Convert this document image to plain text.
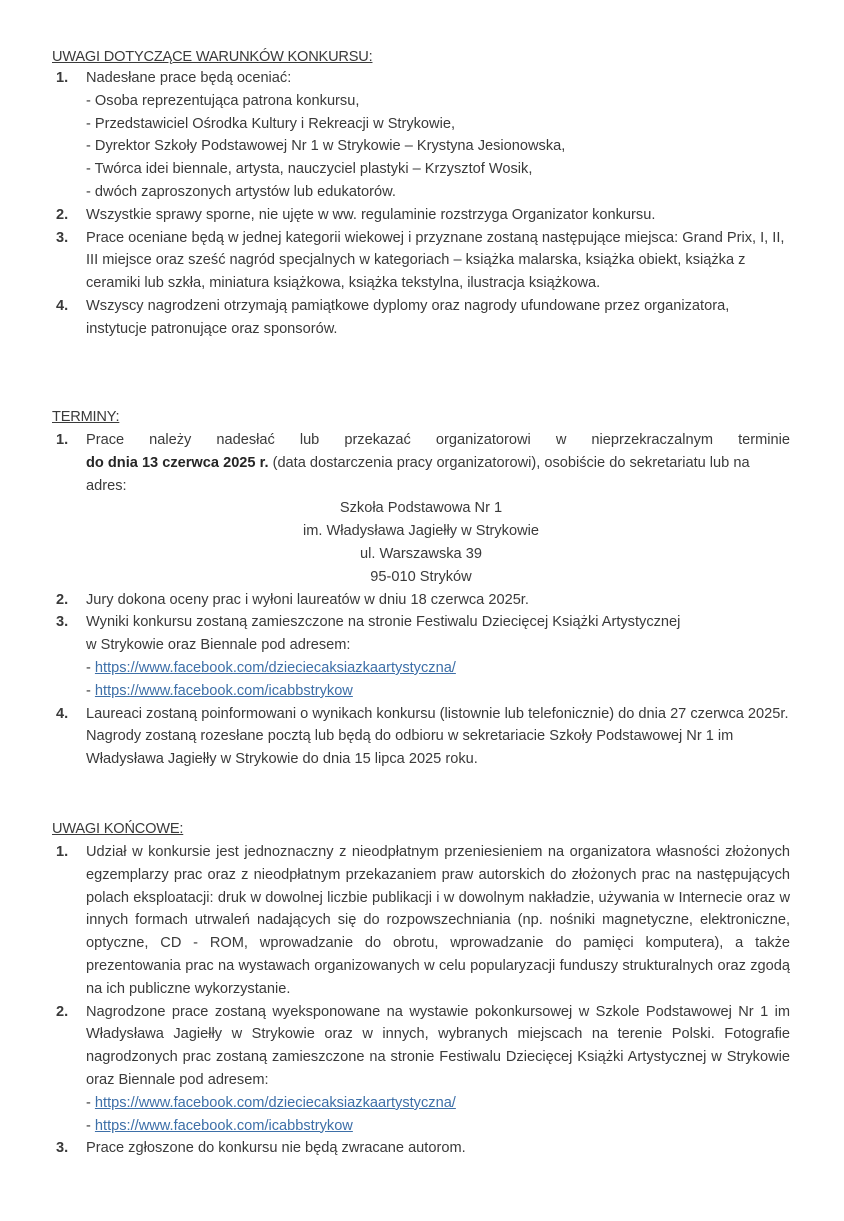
UWAGI DOTYCZĄCE WARUNKÓW KONKURSU:
1. Nadesłane prace będą oceniać:
- Osoba reprezentująca patrona konkursu,
- Przedstawiciel Ośrodka Kultury i Rekreacji w Strykowie,
- Dyrektor Szkoły Podstawowej Nr 1 w Strykowie – Krystyna Jesionowska,
- Twórca idei biennale, artysta, nauczyciel plastyki – Krzysztof Wosik,
- dwóch zaproszonych artystów lub edukatorów.
2. Wszystkie sprawy sporne, nie ujęte w ww. regulaminie rozstrzyga Organizator konkursu.
3. Prace oceniane będą w jednej kategorii wiekowej i przyznane zostaną następujące miejsca: Grand Prix, I, II, III miejsce oraz sześć nagród specjalnych w kategoriach – książka malarska, książka obiekt, książka z ceramiki lub szkła, miniatura książkowa, książka tekstylna, ilustracja książkowa.
4. Wszyscy nagrodzeni otrzymają pamiątkowe dyplomy oraz nagrody ufundowane przez organizatora, instytucje patronujące oraz sponsorów.
TERMINY:
1. Prace należy nadesłać lub przekazać organizatorowi w nieprzekraczalnym terminie
do dnia 13 czerwca 2025 r. (data dostarczenia pracy organizatorowi), osobiście do sekretariatu lub na adres:
Szkoła Podstawowa Nr 1
im. Władysława Jagiełły w Strykowie
ul. Warszawska 39
95-010 Stryków
2. Jury dokona oceny prac i wyłoni laureatów w dniu 18 czerwca 2025r.
3. Wyniki konkursu zostaną zamieszczone na stronie Festiwalu Dziecięcej Książki Artystycznej
w Strykowie oraz Biennale pod adresem:
- https://www.facebook.com/dzieciecaksiazkaartystyczna/
- https://www.facebook.com/icabbstrykow
4. Laureaci zostaną poinformowani o wynikach konkursu (listownie lub telefonicznie) do dnia 27 czerwca 2025r. Nagrody zostaną rozesłane pocztą lub będą do odbioru w sekretariacie Szkoły Podstawowej Nr 1 im Władysława Jagiełły w Strykowie do dnia 15 lipca 2025 roku.
UWAGI KOŃCOWE:
1. Udział w konkursie jest jednoznaczny z nieodpłatnym przeniesieniem na organizatora własności złożonych egzemplarzy prac oraz z nieodpłatnym przekazaniem praw autorskich do złożonych prac na następujących polach eksploatacji: druk w dowolnej liczbie publikacji i w dowolnym nakładzie, używania w Internecie oraz w innych formach utrwaleń nadających się do rozpowszechniania (np. nośniki magnetyczne, elektroniczne, optyczne, CD - ROM, wprowadzanie do obrotu, wprowadzanie do pamięci komputera), a także prezentowania prac na wystawach organizowanych w celu popularyzacji funduszy strukturalnych oraz zgodą na ich publiczne wykorzystanie.
2. Nagrodzone prace zostaną wyeksponowane na wystawie pokonkursowej w Szkole Podstawowej Nr 1 im Władysława Jagiełły w Strykowie oraz w innych, wybranych miejscach na terenie Polski. Fotografie nagrodzonych prac zostaną zamieszczone na stronie Festiwalu Dziecięcej Książki Artystycznej w Strykowie oraz Biennale pod adresem:
- https://www.facebook.com/dzieciecaksiazkaartystyczna/
- https://www.facebook.com/icabbstrykow
3. Prace zgłoszone do konkursu nie będą zwracane autorom.
